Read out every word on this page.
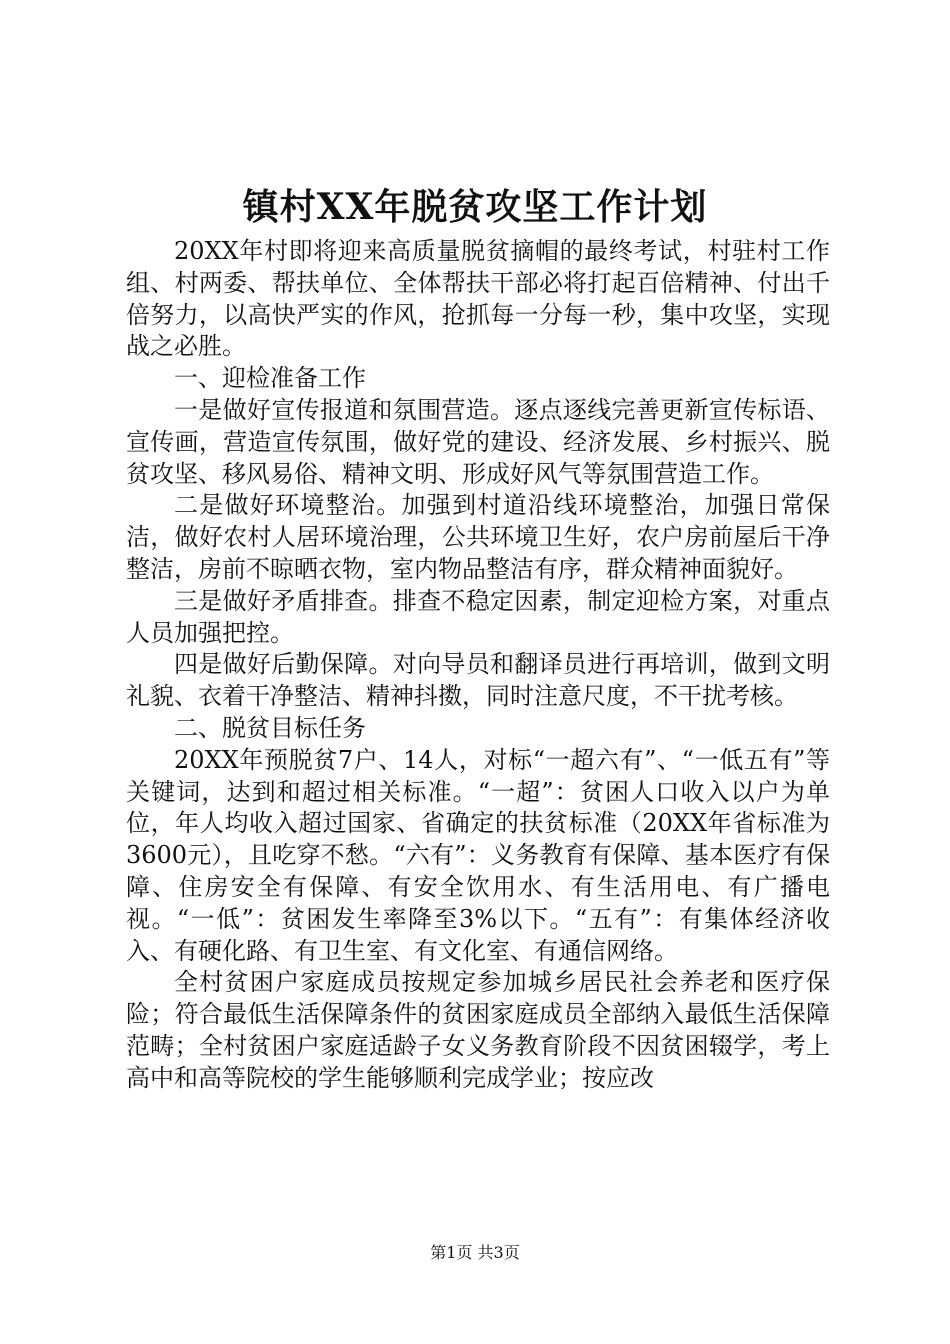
镇村XX年脱贫攻坚工作计划

20XX年村即将迎来高质量脱贫摘帽的最终考试，村驻村工作组、村两委、帮扶单位、全体帮扶干部必将打起百倍精神、付出千倍努力，以高快严实的作风，抢抓每一分每一秒，集中攻坚，实现战之必胜。

一、迎检准备工作

一是做好宣传报道和氛围营造。逐点逐线完善更新宣传标语、宣传画，营造宣传氛围，做好党的建设、经济发展、乡村振兴、脱贫攻坚、移风易俗、精神文明、形成好风气等氛围营造工作。

二是做好环境整治。加强到村道沿线环境整治，加强日常保洁，做好农村人居环境治理，公共环境卫生好，农户房前屋后干净整洁，房前不晾晒衣物，室内物品整洁有序，群众精神面貌好。

三是做好矛盾排查。排查不稳定因素，制定迎检方案，对重点人员加强把控。

四是做好后勤保障。对向导员和翻译员进行再培训，做到文明礼貌、衣着干净整洁、精神抖擞，同时注意尺度，不干扰考核。

二、脱贫目标任务

20XX年预脱贫7户、14人，对标“一超六有”、“一低五有”等关键词，达到和超过相关标准。“一超”：贫困人口收入以户为单位，年人均收入超过国家、省确定的扶贫标准（20XX年省标准为3600元），且吃穿不愁。“六有”：义务教育有保障、基本医疗有保障、住房安全有保障、有安全饮用水、有生活用电、有广播电视。“一低”：贫困发生率降至3%以下。“五有”：有集体经济收入、有硬化路、有卫生室、有文化室、有通信网络。

全村贫困户家庭成员按规定参加城乡居民社会养老和医疗保险；符合最低生活保障条件的贫困家庭成员全部纳入最低生活保障范畴；全村贫困户家庭适龄子女义务教育阶段不因贫困辍学，考上高中和高等院校的学生能够顺利完成学业；按应改

第1页 共3页
